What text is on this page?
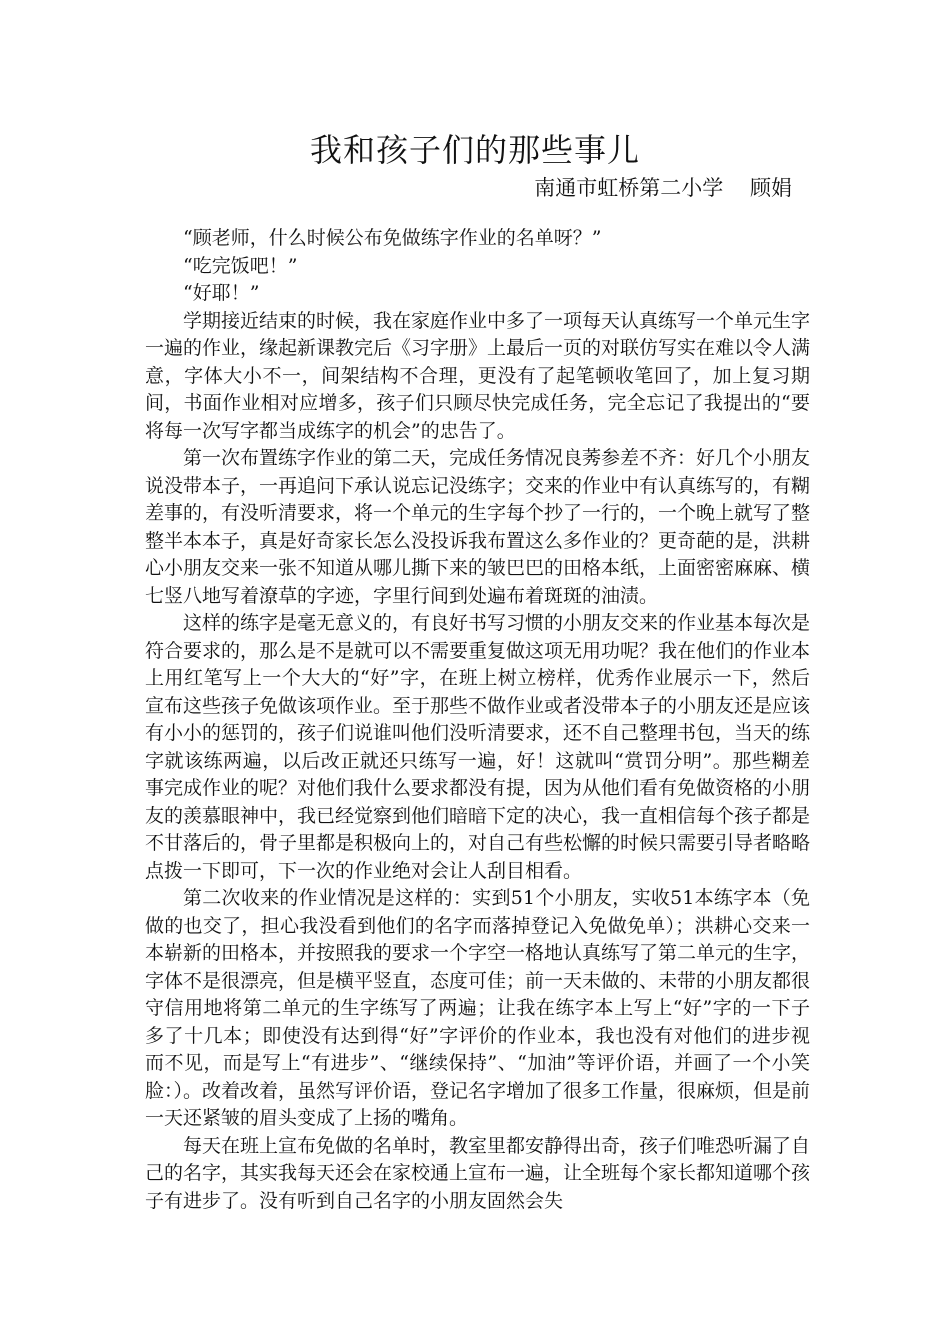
我和孩子们的那些事儿
南通市虹桥第二小学    顾娟

“顾老师，什么时候公布免做练字作业的名单呀？”

“吃完饭吧！”

“好耶！”

学期接近结束的时候，我在家庭作业中多了一项每天认真练写一个单元生字一遍的作业，缘起新课教完后《习字册》上最后一页的对联仿写实在难以令人满意，字体大小不一，间架结构不合理，更没有了起笔顿收笔回了，加上复习期间，书面作业相对应增多，孩子们只顾尽快完成任务，完全忘记了我提出的“要将每一次写字都当成练字的机会”的忠告了。

第一次布置练字作业的第二天，完成任务情况良莠参差不齐：好几个小朋友说没带本子，一再追问下承认说忘记没练字；交来的作业中有认真练写的，有糊差事的，有没听清要求，将一个单元的生字每个抄了一行的，一个晚上就写了整整半本本子，真是好奇家长怎么没投诉我布置这么多作业的？更奇葩的是，洪耕心小朋友交来一张不知道从哪儿撕下来的皱巴巴的田格本纸，上面密密麻麻、横七竖八地写着潦草的字迹，字里行间到处遍布着斑斑的油渍。

这样的练字是毫无意义的，有良好书写习惯的小朋友交来的作业基本每次是符合要求的，那么是不是就可以不需要重复做这项无用功呢？我在他们的作业本上用红笔写上一个大大的“好”字，在班上树立榜样，优秀作业展示一下，然后宣布这些孩子免做该项作业。至于那些不做作业或者没带本子的小朋友还是应该有小小的惩罚的，孩子们说谁叫他们没听清要求，还不自己整理书包，当天的练字就该练两遍，以后改正就还只练写一遍，好！这就叫“赏罚分明”。那些糊差事完成作业的呢？对他们我什么要求都没有提，因为从他们看有免做资格的小朋友的羡慕眼神中，我已经觉察到他们暗暗下定的决心，我一直相信每个孩子都是不甘落后的，骨子里都是积极向上的，对自己有些松懈的时候只需要引导者略略点拨一下即可，下一次的作业绝对会让人刮目相看。

第二次收来的作业情况是这样的：实到51个小朋友，实收51本练字本（免做的也交了，担心我没看到他们的名字而落掉登记入免做免单）；洪耕心交来一本崭新的田格本，并按照我的要求一个字空一格地认真练写了第二单元的生字，字体不是很漂亮，但是横平竖直，态度可佳；前一天未做的、未带的小朋友都很守信用地将第二单元的生字练写了两遍；让我在练字本上写上“好”字的一下子多了十几本；即使没有达到得“好”字评价的作业本，我也没有对他们的进步视而不见，而是写上“有进步”、“继续保持”、“加油”等评价语，并画了一个小笑脸：）。改着改着，虽然写评价语，登记名字增加了很多工作量，很麻烦，但是前一天还紧皱的眉头变成了上扬的嘴角。

每天在班上宣布免做的名单时，教室里都安静得出奇，孩子们唯恐听漏了自己的名字，其实我每天还会在家校通上宣布一遍，让全班每个家长都知道哪个孩子有进步了。没有听到自己名字的小朋友固然会失
